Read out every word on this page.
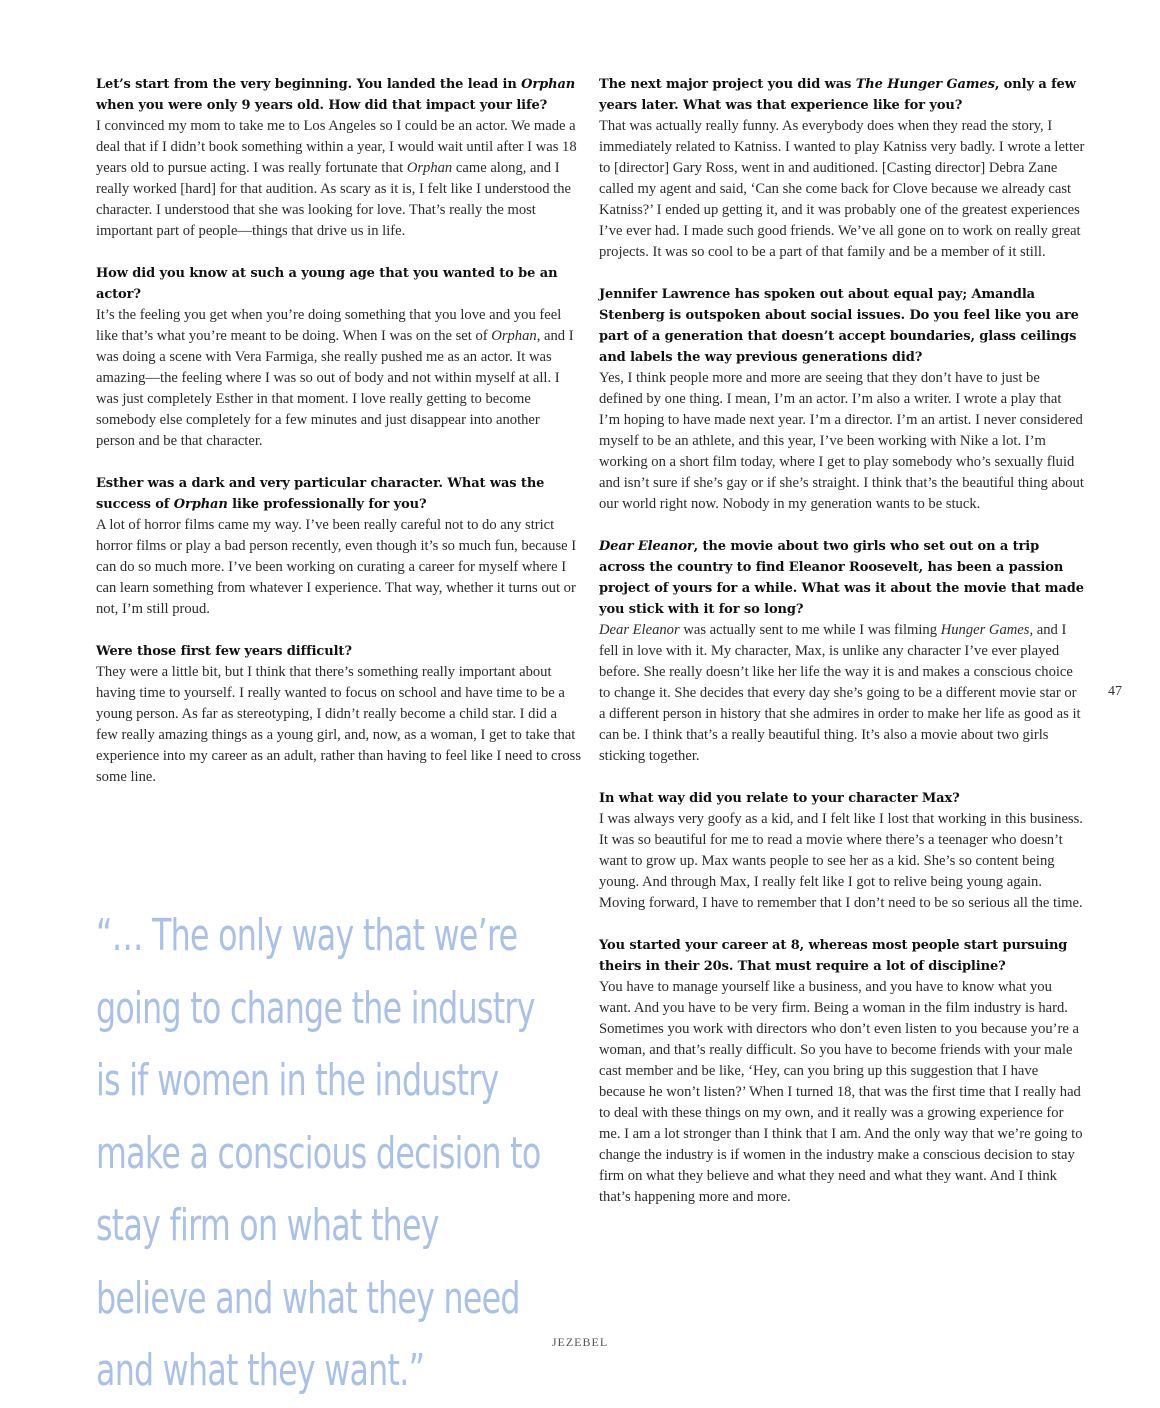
Let’s start from the very beginning. You landed the lead in Orphan when you were only 9 years old. How did that impact your life?

I convinced my mom to take me to Los Angeles so I could be an actor. We made a deal that if I didn’t book something within a year, I would wait until after I was 18 years old to pursue acting. I was really fortunate that Orphan came along, and I really worked [hard] for that audition. As scary as it is, I felt like I understood the character. I understood that she was looking for love. That’s really the most important part of people—things that drive us in life.

How did you know at such a young age that you wanted to be an actor?

It’s the feeling you get when you’re doing something that you love and you feel like that’s what you’re meant to be doing. When I was on the set of Orphan, and I was doing a scene with Vera Farmiga, she really pushed me as an actor. It was amazing—the feeling where I was so out of body and not within myself at all. I was just completely Esther in that moment. I love really getting to become somebody else completely for a few minutes and just disappear into another person and be that character.

Esther was a dark and very particular character. What was the success of Orphan like professionally for you?

A lot of horror films came my way. I’ve been really careful not to do any strict horror films or play a bad person recently, even though it’s so much fun, because I can do so much more. I’ve been working on curating a career for myself where I can learn something from whatever I experience. That way, whether it turns out or not, I’m still proud.

Were those first few years difficult?

They were a little bit, but I think that there’s something really important about having time to yourself. I really wanted to focus on school and have time to be a young person. As far as stereotyping, I didn’t really become a child star. I did a few really amazing things as a young girl, and, now, as a woman, I get to take that experience into my career as an adult, rather than having to feel like I need to cross some line.

“… The only way that we’re going to change the industry is if women in the industry make a conscious decision to stay firm on what they believe and what they need and what they want.”

The next major project you did was The Hunger Games, only a few years later. What was that experience like for you?

That was actually really funny. As everybody does when they read the story, I immediately related to Katniss. I wanted to play Katniss very badly. I wrote a letter to [director] Gary Ross, went in and auditioned. [Casting director] Debra Zane called my agent and said, ‘Can she come back for Clove because we already cast Katniss?’ I ended up getting it, and it was probably one of the greatest experiences I’ve ever had. I made such good friends. We’ve all gone on to work on really great projects. It was so cool to be a part of that family and be a member of it still.

Jennifer Lawrence has spoken out about equal pay; Amandla Stenberg is outspoken about social issues. Do you feel like you are part of a generation that doesn’t accept boundaries, glass ceilings and labels the way previous generations did?

Yes, I think people more and more are seeing that they don’t have to just be defined by one thing. I mean, I’m an actor. I’m also a writer. I wrote a play that I’m hoping to have made next year. I’m a director. I’m an artist. I never considered myself to be an athlete, and this year, I’ve been working with Nike a lot. I’m working on a short film today, where I get to play somebody who’s sexually fluid and isn’t sure if she’s gay or if she’s straight. I think that’s the beautiful thing about our world right now. Nobody in my generation wants to be stuck.

Dear Eleanor, the movie about two girls who set out on a trip across the country to find Eleanor Roosevelt, has been a passion project of yours for a while. What was it about the movie that made you stick with it for so long?

Dear Eleanor was actually sent to me while I was filming Hunger Games, and I fell in love with it. My character, Max, is unlike any character I’ve ever played before. She really doesn’t like her life the way it is and makes a conscious choice to change it. She decides that every day she’s going to be a different movie star or a different person in history that she admires in order to make her life as good as it can be. I think that’s a really beautiful thing. It’s also a movie about two girls sticking together.

In what way did you relate to your character Max?

I was always very goofy as a kid, and I felt like I lost that working in this business. It was so beautiful for me to read a movie where there’s a teenager who doesn’t want to grow up. Max wants people to see her as a kid. She’s so content being young. And through Max, I really felt like I got to relive being young again. Moving forward, I have to remember that I don’t need to be so serious all the time.

You started your career at 8, whereas most people start pursuing theirs in their 20s. That must require a lot of discipline?

You have to manage yourself like a business, and you have to know what you want. And you have to be very firm. Being a woman in the film industry is hard. Sometimes you work with directors who don’t even listen to you because you’re a woman, and that’s really difficult. So you have to become friends with your male cast member and be like, ‘Hey, can you bring up this suggestion that I have because he won’t listen?’ When I turned 18, that was the first time that I really had to deal with these things on my own, and it really was a growing experience for me. I am a lot stronger than I think that I am. And the only way that we’re going to change the industry is if women in the industry make a conscious decision to stay firm on what they believe and what they need and what they want. And I think that’s happening more and more.

47
JEZEBEL
